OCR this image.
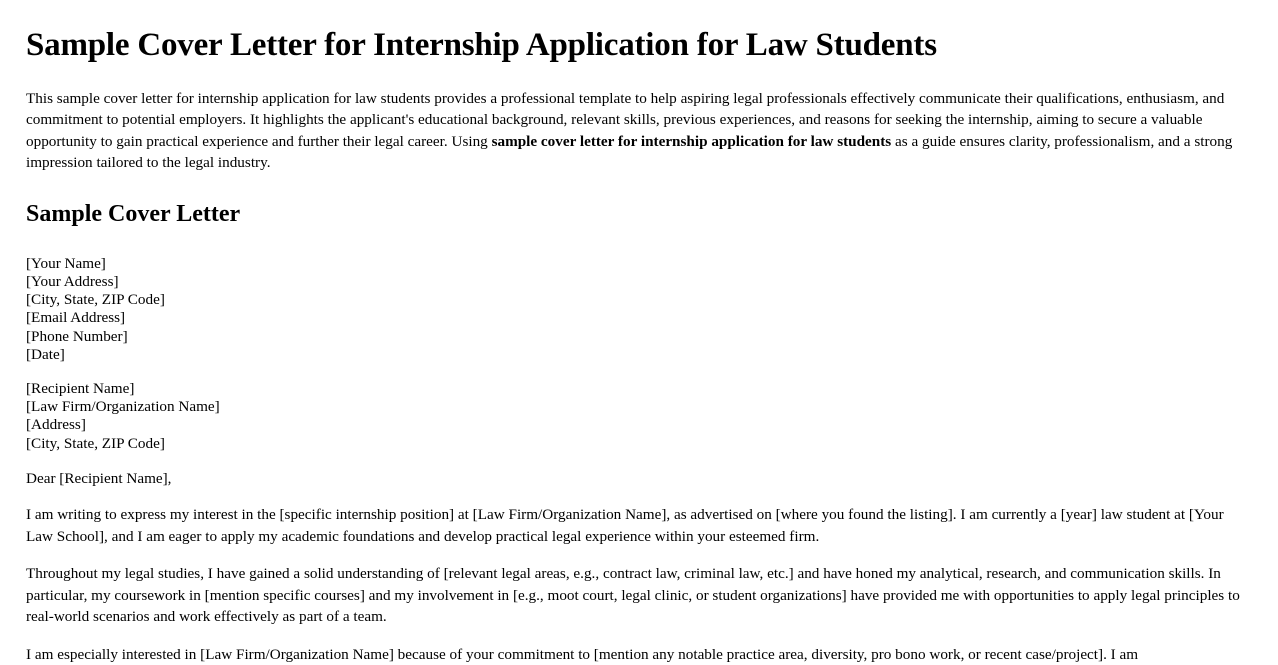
Sample Cover Letter for Internship Application for Law Students

This sample cover letter for internship application for law students provides a professional template to help aspiring legal professionals effectively communicate their qualifications, enthusiasm, and commitment to potential employers. It highlights the applicant's educational background, relevant skills, previous experiences, and reasons for seeking the internship, aiming to secure a valuable opportunity to gain practical experience and further their legal career. Using sample cover letter for internship application for law students as a guide ensures clarity, professionalism, and a strong impression tailored to the legal industry.

Sample Cover Letter
[Your Name]
[Your Address]
[City, State, ZIP Code]
[Email Address]
[Phone Number]
[Date]
[Recipient Name]
[Law Firm/Organization Name]
[Address]
[City, State, ZIP Code]

Dear [Recipient Name],

I am writing to express my interest in the [specific internship position] at [Law Firm/Organization Name], as advertised on [where you found the listing]. I am currently a [year] law student at [Your Law School], and I am eager to apply my academic foundations and develop practical legal experience within your esteemed firm.

Throughout my legal studies, I have gained a solid understanding of [relevant legal areas, e.g., contract law, criminal law, etc.] and have honed my analytical, research, and communication skills. In particular, my coursework in [mention specific courses] and my involvement in [e.g., moot court, legal clinic, or student organizations] have provided me with opportunities to apply legal principles to real-world scenarios and work effectively as part of a team.

I am especially interested in [Law Firm/Organization Name] because of your commitment to [mention any notable practice area, diversity, pro bono work, or recent case/project]. I am
